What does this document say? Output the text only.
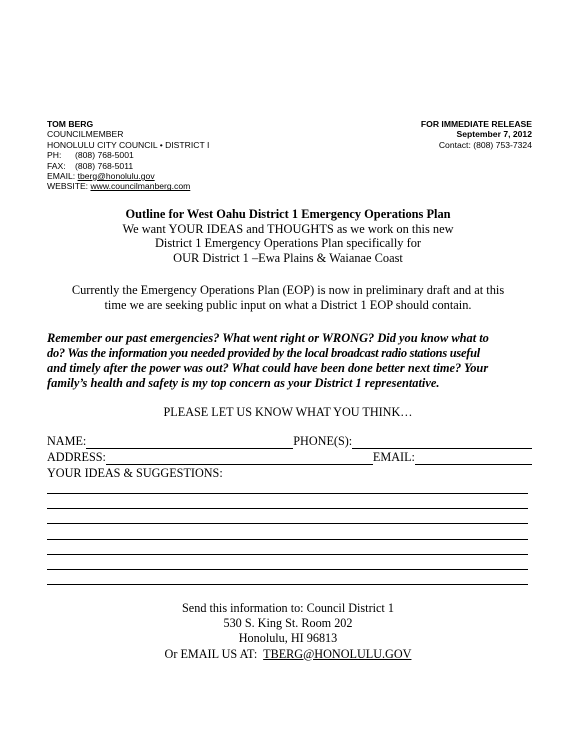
TOM BERG
COUNCILMEMBER
HONOLULU CITY COUNCIL • DISTRICT I
PH: (808) 768-5001
FAX: (808) 768-5011
EMAIL: tberg@honolulu.gov
WEBSITE: www.councilmanberg.com
FOR IMMEDIATE RELEASE
September 7, 2012
Contact: (808) 753-7324
Outline for West Oahu District 1 Emergency Operations Plan
We want YOUR IDEAS and THOUGHTS as we work on this new
District 1 Emergency Operations Plan specifically for
OUR District 1 –Ewa Plains & Waianae Coast
Currently the Emergency Operations Plan (EOP) is now in preliminary draft and at this
time we are seeking public input on what a District 1 EOP should contain.
Remember our past emergencies? What went right or WRONG? Did you know what to
do? Was the information you needed provided by the local broadcast radio stations useful
and timely after the power was out? What could have been done better next time? Your
family’s health and safety is my top concern as your District 1 representative.
PLEASE LET US KNOW WHAT YOU THINK…
NAME:	PHONE(S):
ADDRESS:	EMAIL:
YOUR IDEAS & SUGGESTIONS:
Send this information to: Council District 1
530 S. King St. Room 202
Honolulu, HI 96813
Or EMAIL US AT: TBERG@HONOLULU.GOV
